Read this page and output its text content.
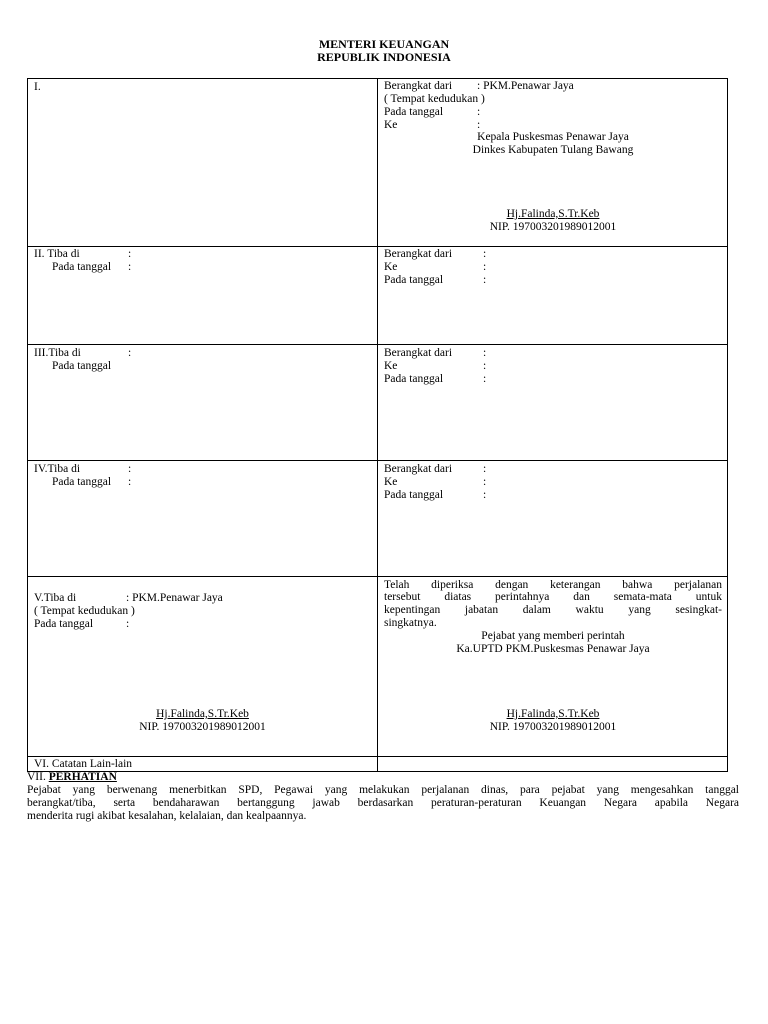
MENTERI KEUANGAN
REPUBLIK INDONESIA
I.	Berangkat dari : PKM.Penawar Jaya
( Tempat kedudukan )
Pada tanggal	:
Ke	:
Kepala Puskesmas Penawar Jaya
Dinkes Kabupaten Tulang Bawang
Hj.Falinda,S.Tr.Keb
NIP. 197003201989012001
II. Tiba di	:
Pada tanggal :
Berangkat dari	:
Ke	:
Pada tanggal	:
III.Tiba di	:
Pada tanggal
Berangkat dari	:
Ke	:
Pada tanggal	:
IV.Tiba di	:
Pada tanggal :
Berangkat dari	:
Ke	:
Pada tanggal	:
V.Tiba di	: PKM.Penawar Jaya
( Tempat kedudukan )
Pada tanggal	:
Hj.Falinda,S.Tr.Keb
NIP. 197003201989012001
Telah diperiksa dengan keterangan bahwa perjalanan
tersebut diatas perintahnya dan semata-mata untuk
kepentingan jabatan dalam waktu yang sesingkat-
singkatnya.
Pejabat yang memberi perintah
Ka.UPTD PKM.Puskesmas Penawar Jaya
Hj.Falinda,S.Tr.Keb
NIP. 197003201989012001
VI. Catatan Lain-lain
VII. PERHATIAN
Pejabat yang berwenang menerbitkan SPD, Pegawai yang melakukan perjalanan dinas, para pejabat yang mengesahkan tanggal
berangkat/tiba, serta bendaharawan bertanggung jawab berdasarkan peraturan-peraturan Keuangan Negara apabila Negara
menderita rugi akibat kesalahan, kelalaian, dan kealpaannya.
